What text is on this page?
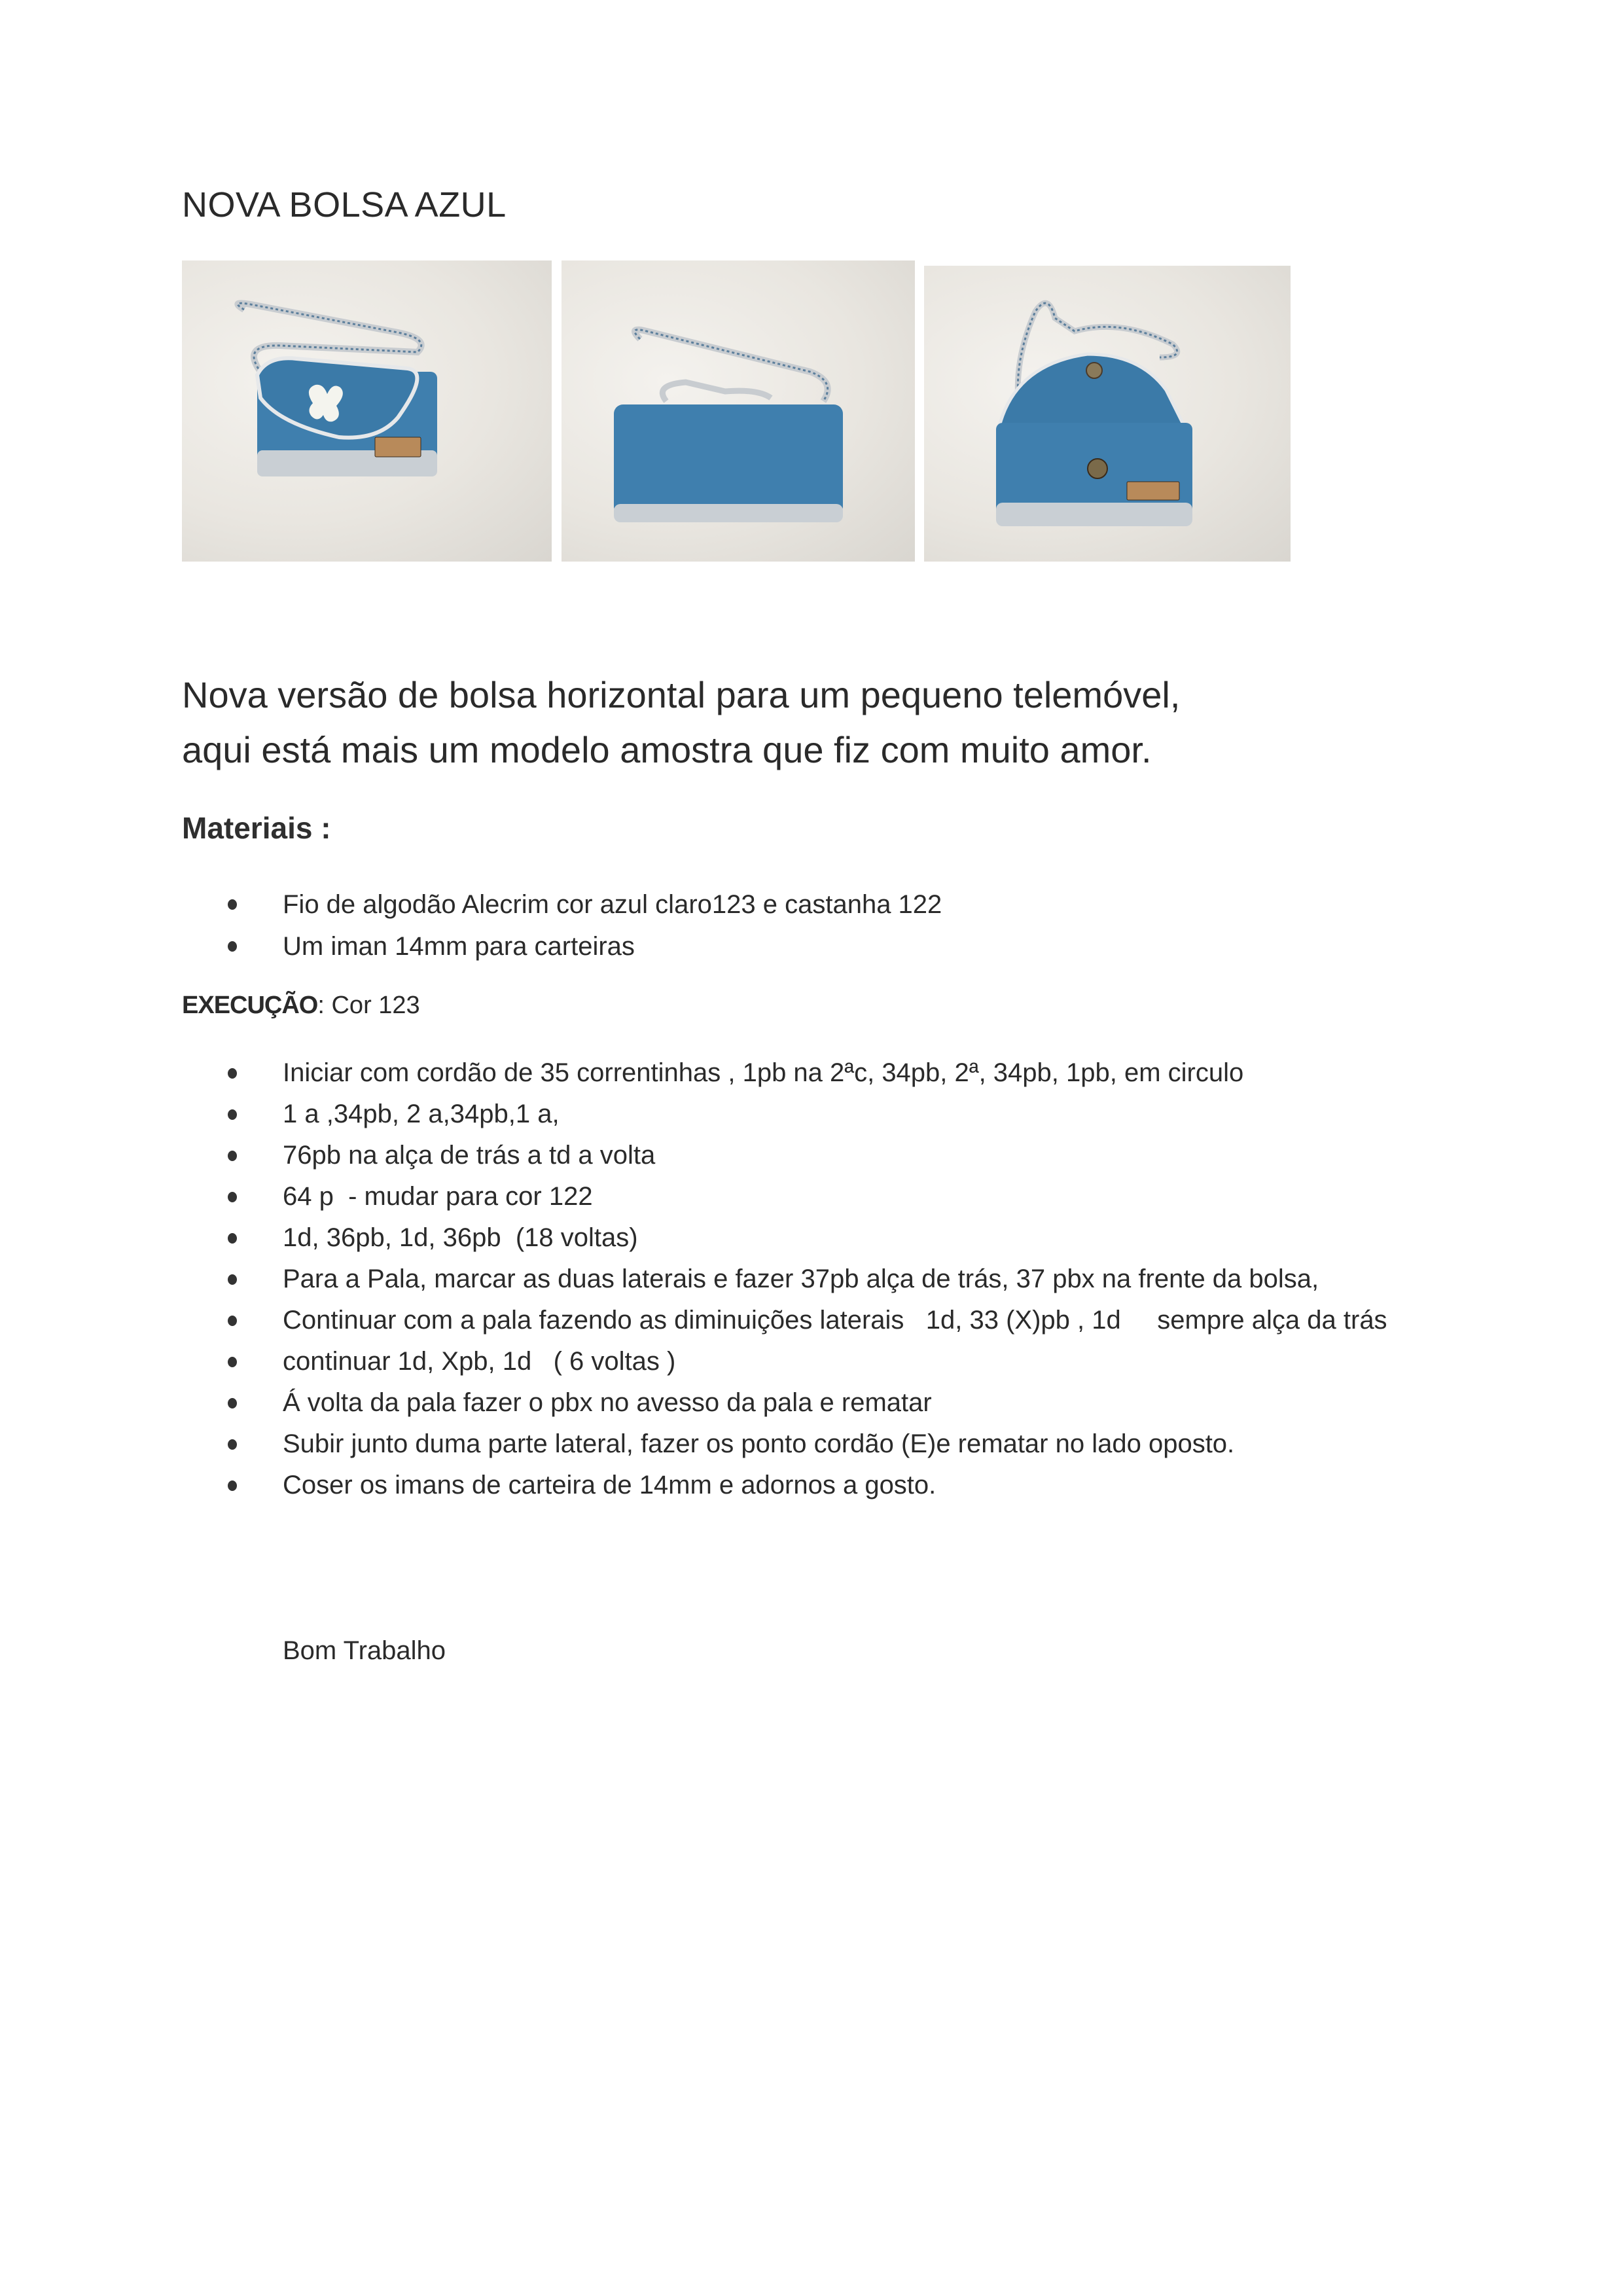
NOVA BOLSA AZUL

Nova versão de bolsa horizontal para um pequeno telemóvel,

aqui está mais um modelo amostra que fiz com muito amor.

Materiais :
Fio de algodão Alecrim cor azul claro123 e castanha 122
Um iman 14mm para carteiras
EXECUÇÃO: Cor 123
Iniciar com cordão de 35 correntinhas , 1pb na 2ªc, 34pb, 2ª, 34pb, 1pb, em circulo
1 a ,34pb, 2 a,34pb,1 a,
76pb na alça de trás a td a volta
64 p  - mudar para cor 122
1d, 36pb, 1d, 36pb  (18 voltas)
Para a Pala, marcar as duas laterais e fazer 37pb alça de trás, 37 pbx na frente da bolsa,
Continuar com a pala fazendo as diminuições laterais   1d, 33 (X)pb , 1d     sempre alça da trás
continuar 1d, Xpb, 1d   ( 6 voltas )
Á volta da pala fazer o pbx no avesso da pala e rematar
Subir junto duma parte lateral, fazer os ponto cordão (E)e rematar no lado oposto.
Coser os imans de carteira de 14mm e adornos a gosto.
Bom Trabalho
